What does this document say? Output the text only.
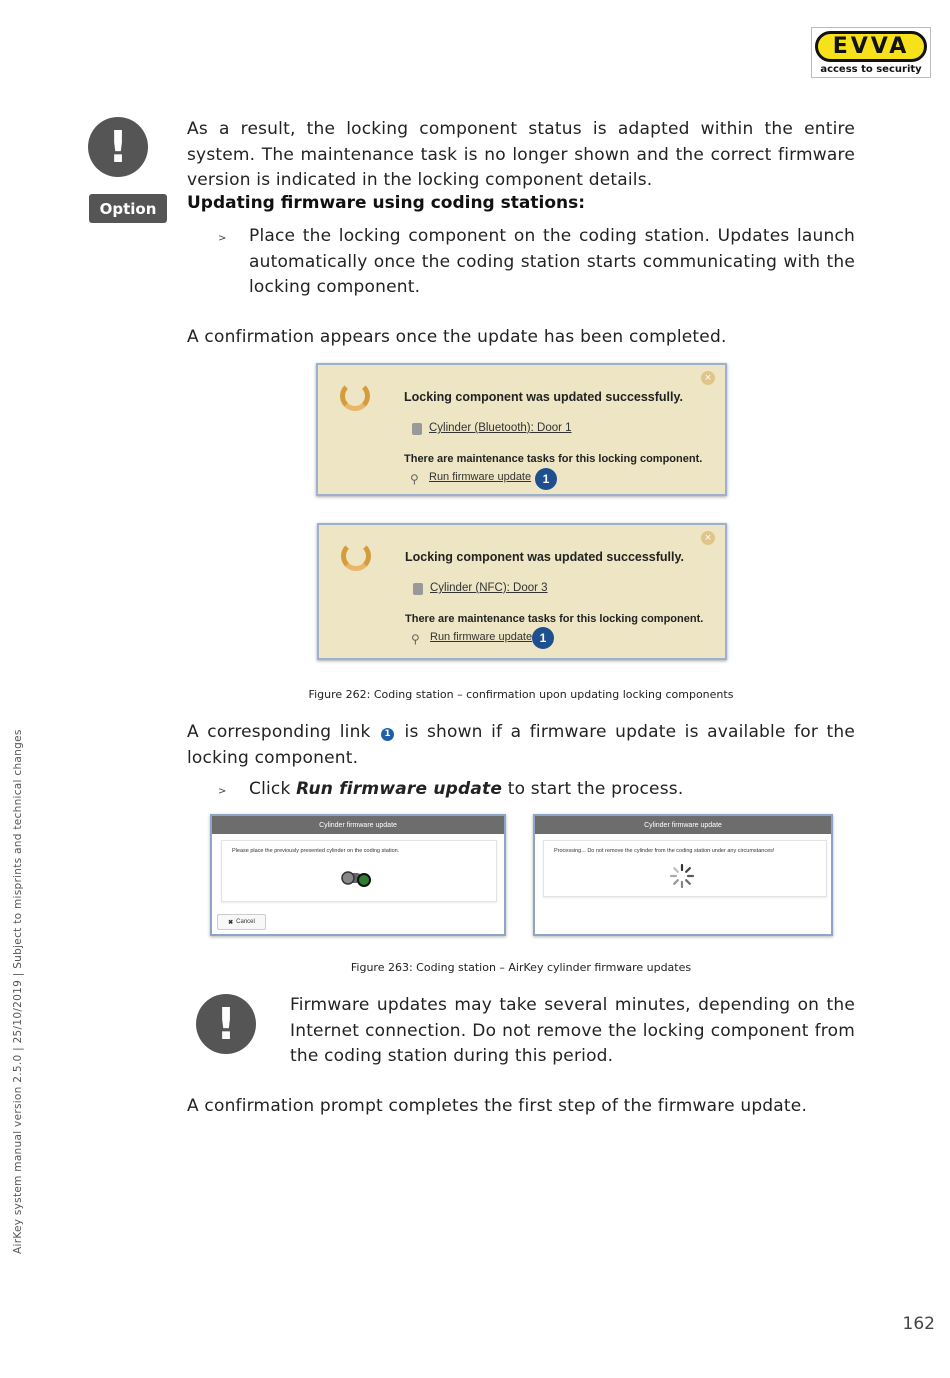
EVVA
access to security
AirKey system manual version 2.5.0 | 25/10/2019 | Subject to misprints and technical changes
!
Option
As a result, the locking component status is adapted within the entire system. The maintenance task is no longer shown and the correct firmware version is indicated in the locking component details.
Updating firmware using coding stations:
> Place the locking component on the coding station. Updates launch automatically once the coding station starts communicating with the locking component.
A confirmation appears once the update has been completed.
×
Locking component was updated successfully.
Cylinder (Bluetooth): Door 1
There are maintenance tasks for this locking component.
⚲ Run firmware update 1
×
Locking component was updated successfully.
Cylinder (NFC): Door 3
There are maintenance tasks for this locking component.
⚲ Run firmware update 1
Figure 262: Coding station – confirmation upon updating locking components
A corresponding link 1 is shown if a firmware update is available for the locking component.
> Click Run firmware update to start the process.
Cylinder firmware update
Please place the previously presented cylinder on the coding station.
✖ Cancel
Cylinder firmware update
Processing... Do not remove the cylinder from the coding station under any circumstances!
Figure 263: Coding station – AirKey cylinder firmware updates
!	Firmware updates may take several minutes, depending on the Internet connection. Do not remove the locking component from the coding station during this period.
A confirmation prompt completes the first step of the firmware update.
162
